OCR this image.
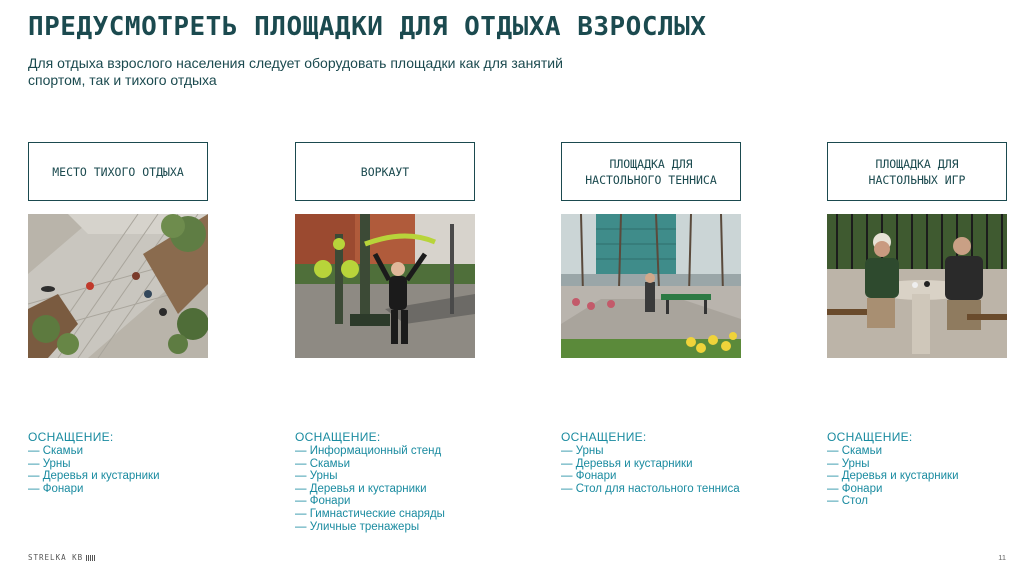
ПРЕДУСМОТРЕТЬ ПЛОЩАДКИ ДЛЯ ОТДЫХА ВЗРОСЛЫХ
Для отдыха взрослого населения следует оборудовать площадки как для занятий спортом, так и тихого отдыха
МЕСТО ТИХОГО ОТДЫХА	ВОРКАУТ
ПЛОЩАДКА ДЛЯ
НАСТОЛЬНОГО ТЕННИСА
ПЛОЩАДКА ДЛЯ
НАСТОЛЬНЫХ ИГР
ОСНАЩЕНИЕ:
— Скамьи
— Урны
— Деревья и кустарники
— Фонари
ОСНАЩЕНИЕ:
— Информационный стенд
— Скамьи
— Урны
— Деревья и кустарники
— Фонари
— Гимнастические снаряды
— Уличные тренажеры
ОСНАЩЕНИЕ:
— Урны
— Деревья и кустарники
— Фонари
— Стол для настольного тенниса
ОСНАЩЕНИЕ:
— Скамьи
— Урны
— Деревья и кустарники
— Фонари
— Стол
STRELKA KB	11
